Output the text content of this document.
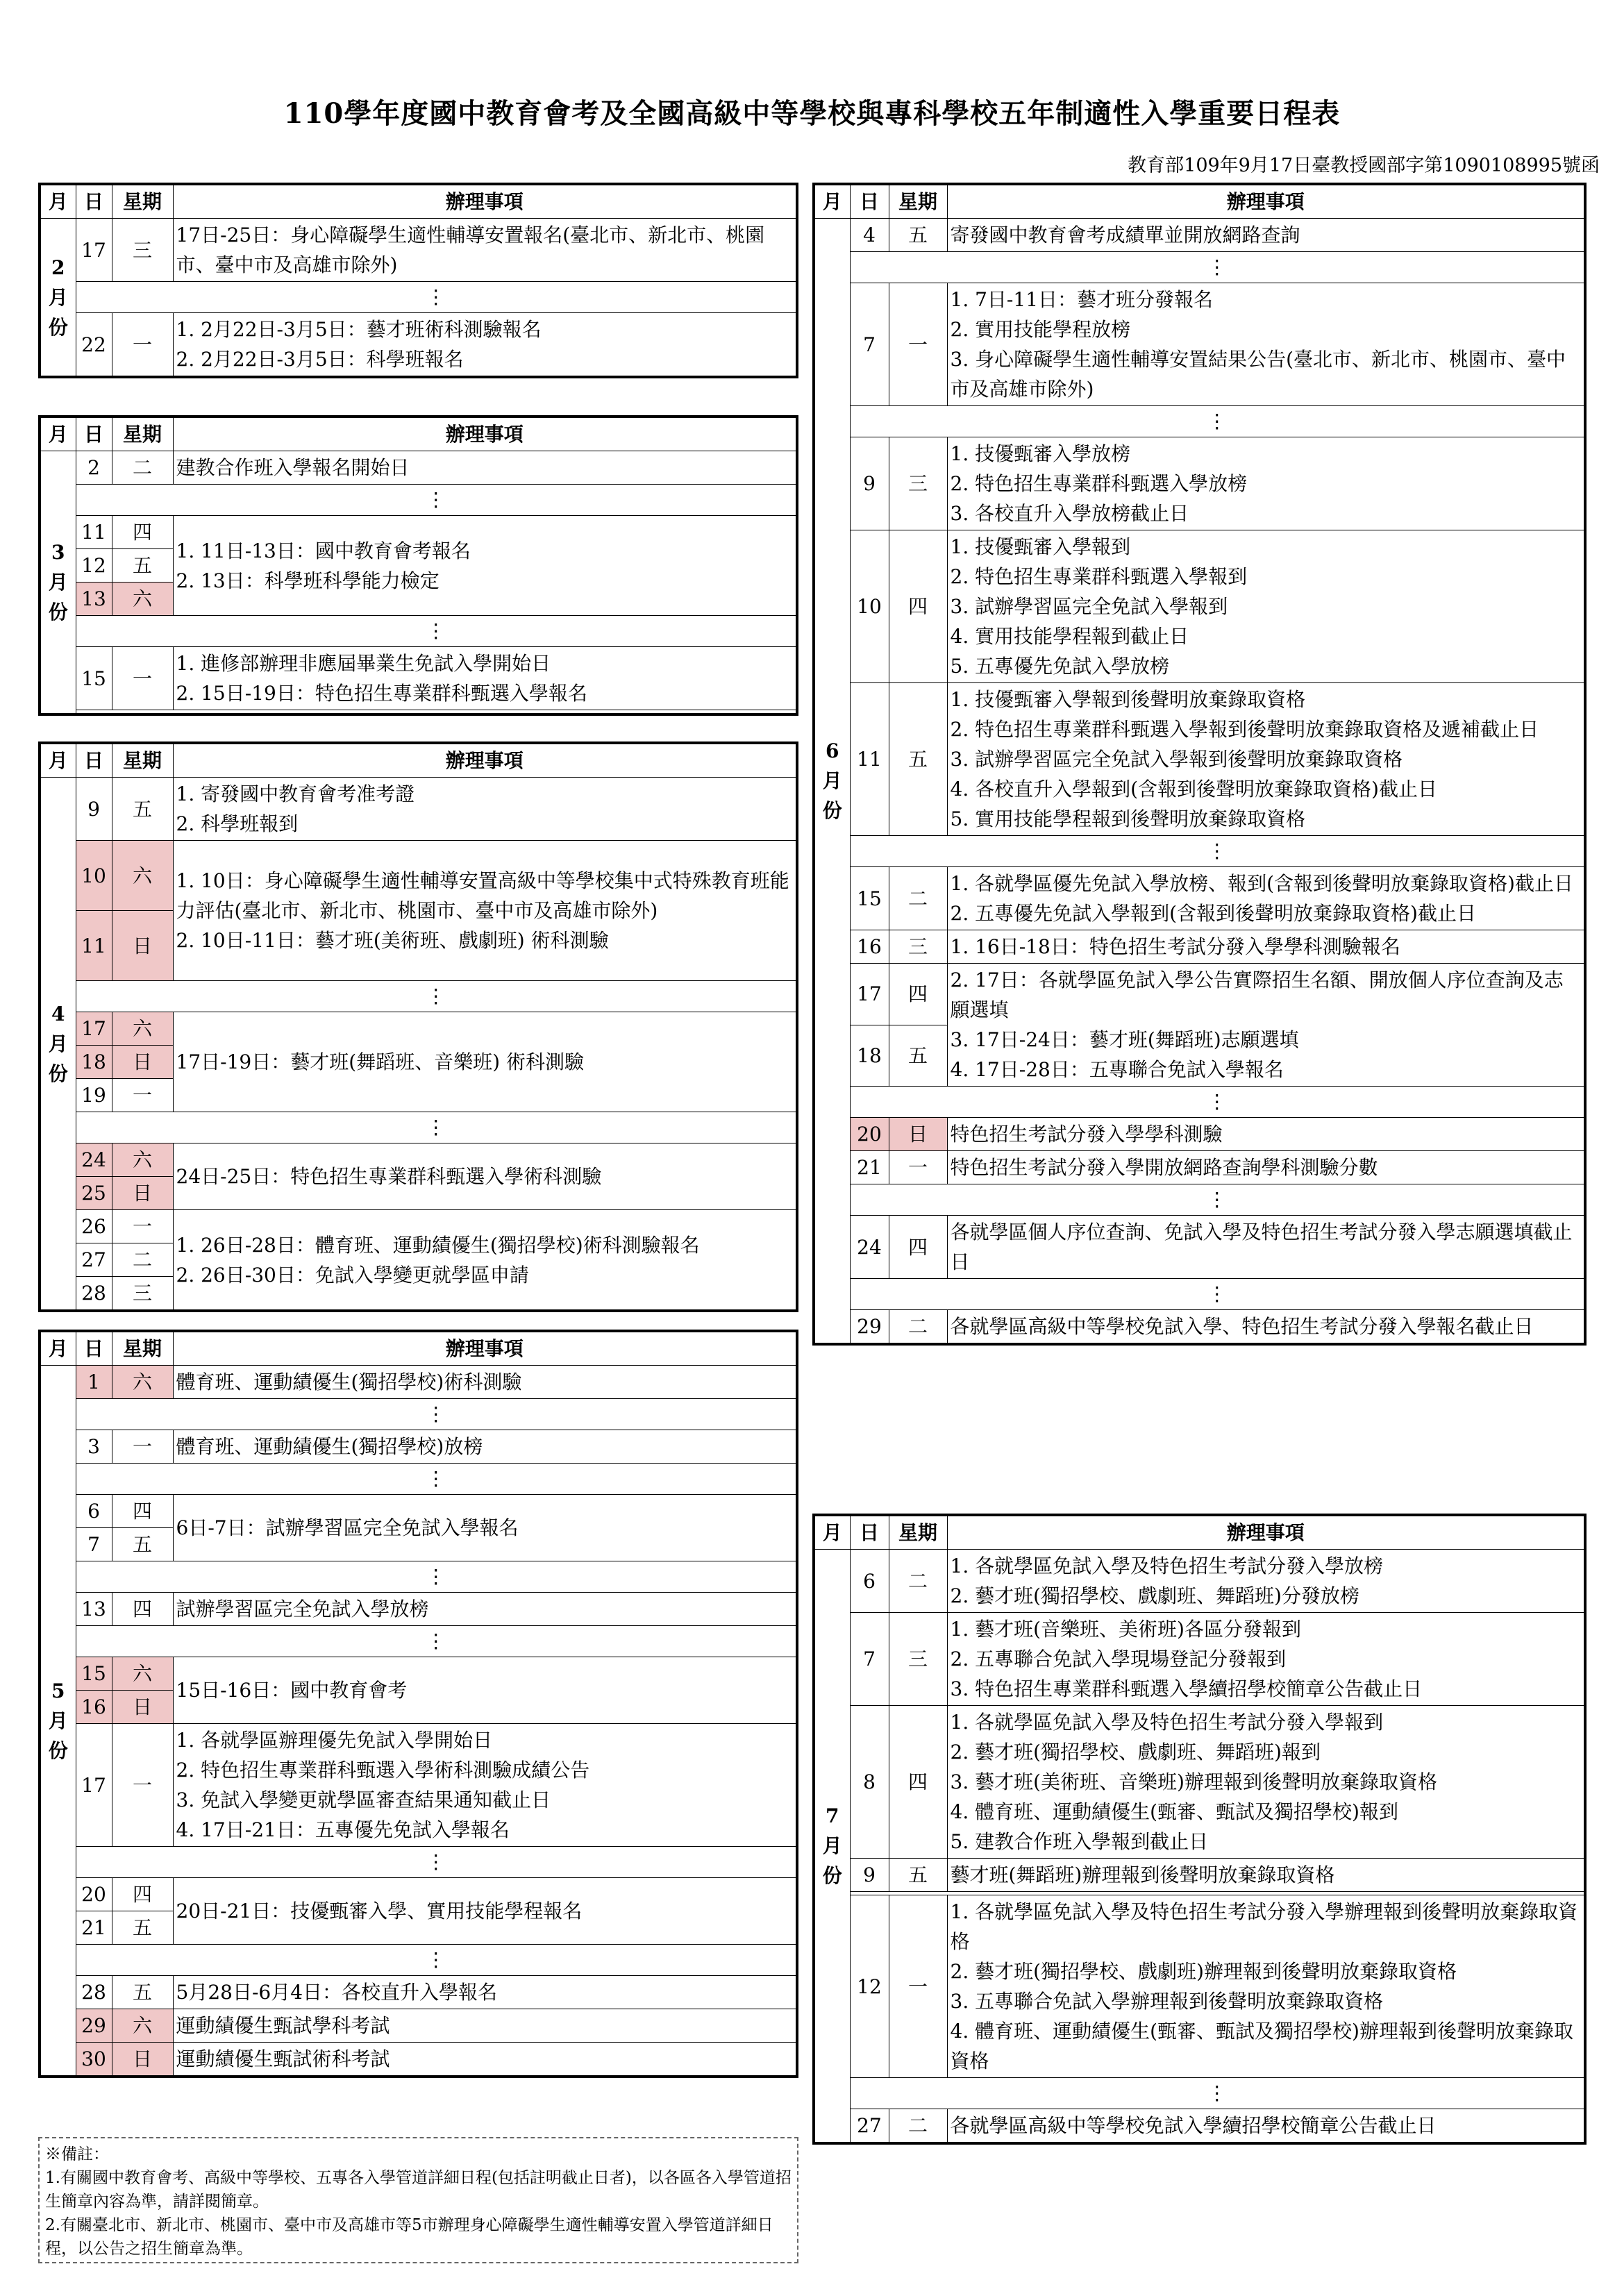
110學年度國中教育會考及全國高級中等學校與專科學校五年制適性入學重要日程表
教育部109年9月17日臺教授國部字第1090108995號函
月	日	星期	辦理事項

2
月
份	17	三	17日-25日：身心障礙學生適性輔導安置報名(臺北市、新北市、桃園市、臺中市及高雄市除外)

	⋮		
	22	一	1. 2月22日-3月5日：藝才班術科測驗報名
2. 2月22日-3月5日：科學班報名
月	日	星期	辦理事項

3
月
份	2	二	建教合作班入學報名開始日

	⋮		
	11	四	1. 11日-13日：國中教育會考報名
2. 13日：科學班科學能力檢定

	12	五	
	13	六	
	⋮		
	15	一	1. 進修部辦理非應屆畢業生免試入學開始日
2. 15日-19日：特色招生專業群科甄選入學報名

月	日	星期	辦理事項

4
月
份	9	五	1. 寄發國中教育會考准考證
2. 科學班報到

	10	六	1. 10日：身心障礙學生適性輔導安置高級中等學校集中式特殊教育班能力評估(臺北市、新北市、桃園市、臺中市及高雄市除外)
2. 10日-11日：藝才班(美術班、戲劇班) 術科測驗

	11	日	
	⋮		
	17	六	17日-19日：藝才班(舞蹈班、音樂班) 術科測驗

	18	日	
	19	一	
	⋮		
	24	六	24日-25日：特色招生專業群科甄選入學術科測驗

	25	日	
	26	一	1. 26日-28日：體育班、運動績優生(獨招學校)術科測驗報名
2. 26日-30日：免試入學變更就學區申請

	27	二	
	28	三	
月	日	星期	辦理事項

5
月
份	1	六	體育班、運動績優生(獨招學校)術科測驗

	⋮		
	3	一	體育班、運動績優生(獨招學校)放榜

	⋮		
	6	四	6日-7日：試辦學習區完全免試入學報名

	7	五	
	⋮		
	13	四	試辦學習區完全免試入學放榜

	⋮		
	15	六	15日-16日：國中教育會考

	16	日	
	17	一	1. 各就學區辦理優先免試入學開始日
2. 特色招生專業群科甄選入學術科測驗成績公告
3. 免試入學變更就學區審查結果通知截止日
4. 17日-21日：五專優先免試入學報名

	⋮		
	20	四	20日-21日：技優甄審入學、實用技能學程報名

	21	五	
	⋮		
	28	五	5月28日-6月4日：各校直升入學報名

	29	六	運動績優生甄試學科考試

	30	日	運動績優生甄試術科考試
月	日	星期	辦理事項

6
月
份	4	五	寄發國中教育會考成績單並開放網路查詢

	⋮		
	7	一	1. 7日-11日：藝才班分發報名
2. 實用技能學程放榜
3. 身心障礙學生適性輔導安置結果公告(臺北市、新北市、桃園市、臺中市及高雄市除外)

	⋮		
	9	三	1. 技優甄審入學放榜
2. 特色招生專業群科甄選入學放榜
3. 各校直升入學放榜截止日

	10	四	1. 技優甄審入學報到
2. 特色招生專業群科甄選入學報到
3. 試辦學習區完全免試入學報到
4. 實用技能學程報到截止日
5. 五專優先免試入學放榜

	11	五	1. 技優甄審入學報到後聲明放棄錄取資格
2. 特色招生專業群科甄選入學報到後聲明放棄錄取資格及遞補截止日
3. 試辦學習區完全免試入學報到後聲明放棄錄取資格
4. 各校直升入學報到(含報到後聲明放棄錄取資格)截止日
5. 實用技能學程報到後聲明放棄錄取資格

	⋮		
	15	二	1. 各就學區優先免試入學放榜、報到(含報到後聲明放棄錄取資格)截止日
2. 五專優先免試入學報到(含報到後聲明放棄錄取資格)截止日

	16	三	1. 16日-18日：特色招生考試分發入學學科測驗報名

	17	四	2. 17日：各就學區免試入學公告實際招生名額、開放個人序位查詢及志願選填
3. 17日-24日：藝才班(舞蹈班)志願選填
4. 17日-28日：五專聯合免試入學報名

	18	五	
	⋮		
	20	日	特色招生考試分發入學學科測驗

	21	一	特色招生考試分發入學開放網路查詢學科測驗分數

	⋮		
	24	四	各就學區個人序位查詢、免試入學及特色招生考試分發入學志願選填截止日

	⋮		
	29	二	各就學區高級中等學校免試入學、特色招生考試分發入學報名截止日
月	日	星期	辦理事項

7
月
份	6	二	1. 各就學區免試入學及特色招生考試分發入學放榜
2. 藝才班(獨招學校、戲劇班、舞蹈班)分發放榜

	7	三	1. 藝才班(音樂班、美術班)各區分發報到
2. 五專聯合免試入學現場登記分發報到
3. 特色招生專業群科甄選入學續招學校簡章公告截止日

	8	四	1. 各就學區免試入學及特色招生考試分發入學報到
2. 藝才班(獨招學校、戲劇班、舞蹈班)報到
3. 藝才班(美術班、音樂班)辦理報到後聲明放棄錄取資格
4. 體育班、運動績優生(甄審、甄試及獨招學校)報到
5. 建教合作班入學報到截止日

	9	五	藝才班(舞蹈班)辦理報到後聲明放棄錄取資格

	12	一	1. 各就學區免試入學及特色招生考試分發入學辦理報到後聲明放棄錄取資格
2. 藝才班(獨招學校、戲劇班)辦理報到後聲明放棄錄取資格
3. 五專聯合免試入學辦理報到後聲明放棄錄取資格
4. 體育班、運動績優生(甄審、甄試及獨招學校)辦理報到後聲明放棄錄取資格

	⋮		
	27	二	各就學區高級中等學校免試入學續招學校簡章公告截止日
※備註：
1.有關國中教育會考、高級中等學校、五專各入學管道詳細日程(包括註明截止日者)，以各區各入學管道招生簡章內容為準，請詳閱簡章。
2.有關臺北市、新北市、桃園市、臺中市及高雄市等5市辦理身心障礙學生適性輔導安置入學管道詳細日程，以公告之招生簡章為準。
